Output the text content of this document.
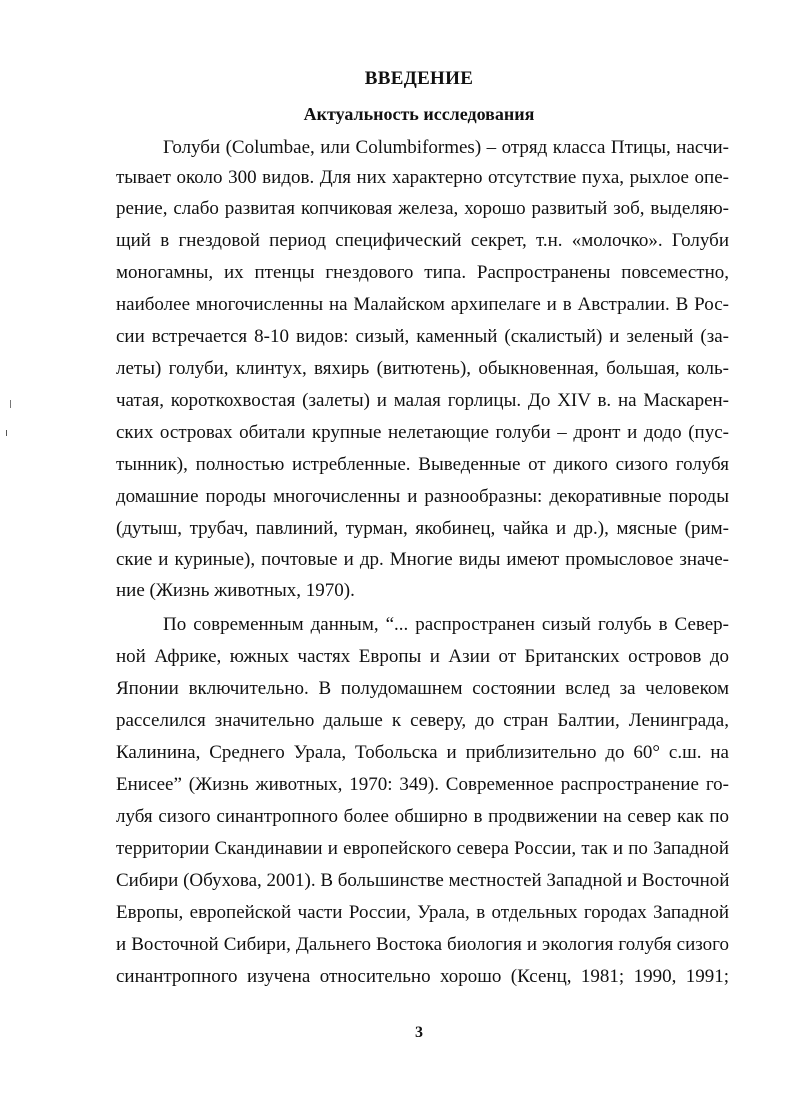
ВВЕДЕНИЕ
Актуальность исследования
Голуби (Columbae, или Columbiformes) – отряд класса Птицы, насчи-
тывает около 300 видов. Для них характерно отсутствие пуха, рыхлое опе-
рение, слабо развитая копчиковая железа, хорошо развитый зоб, выделяю-
щий в гнездовой период специфический секрет, т.н. «молочко». Голуби
моногамны, их птенцы гнездового типа. Распространены повсеместно,
наиболее многочисленны на Малайском архипелаге и в Австралии. В Рос-
сии встречается 8-10 видов: сизый, каменный (скалистый) и зеленый (за-
леты) голуби, клинтух, вяхирь (витютень), обыкновенная, большая, коль-
чатая, короткохвостая (залеты) и малая горлицы. До XIV в. на Маскарен-
ских островах обитали крупные нелетающие голуби – дронт и додо (пус-
тынник), полностью истребленные. Выведенные от дикого сизого голубя
домашние породы многочисленны и разнообразны: декоративные породы
(дутыш, трубач, павлиний, турман, якобинец, чайка и др.), мясные (рим-
ские и куриные), почтовые и др. Многие виды имеют промысловое значе-
ние (Жизнь животных, 1970).
По современным данным, “... распространен сизый голубь в Север-
ной Африке, южных частях Европы и Азии от Британских островов до
Японии включительно. В полудомашнем состоянии вслед за человеком
расселился значительно дальше к северу, до стран Балтии, Ленинграда,
Калинина, Среднего Урала, Тобольска и приблизительно до 60° с.ш. на
Енисее” (Жизнь животных, 1970: 349). Современное распространение го-
лубя сизого синантропного более обширно в продвижении на север как по
территории Скандинавии и европейского севера России, так и по Западной
Сибири (Обухова, 2001). В большинстве местностей Западной и Восточной
Европы, европейской части России, Урала, в отдельных городах Западной
и Восточной Сибири, Дальнего Востока биология и экология голубя сизого
синантропного изучена относительно хорошо (Ксенц, 1981; 1990, 1991;
3
